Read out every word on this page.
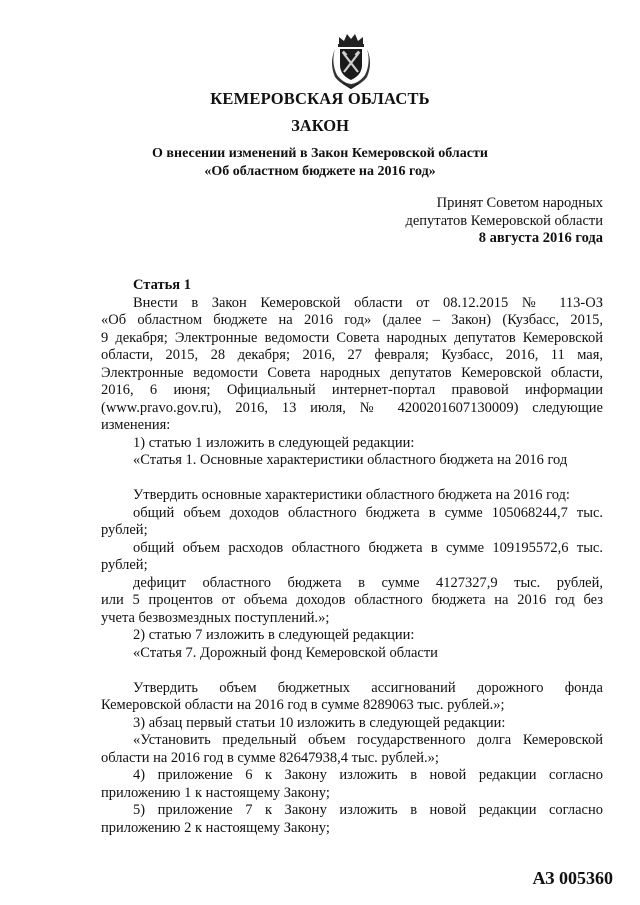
КЕМЕРОВСКАЯ ОБЛАСТЬ
ЗАКОН
О внесении изменений в Закон Кемеровской области
«Об областном бюджете на 2016 год»
Принят Советом народных
депутатов Кемеровской области
8 августа 2016 года
Статья 1
Внести в Закон Кемеровской области от 08.12.2015 № 113-ОЗ
«Об областном бюджете на 2016 год» (далее – Закон) (Кузбасс, 2015,
9 декабря; Электронные ведомости Совета народных депутатов Кемеровской
области, 2015, 28 декабря; 2016, 27 февраля; Кузбасс, 2016, 11 мая,
Электронные ведомости Совета народных депутатов Кемеровской области,
2016, 6 июня; Официальный интернет-портал правовой информации
(www.pravo.gov.ru), 2016, 13 июля, № 4200201607130009) следующие
изменения:
1) статью 1 изложить в следующей редакции:
«Статья 1. Основные характеристики областного бюджета на 2016 год
Утвердить основные характеристики областного бюджета на 2016 год:
общий объем доходов областного бюджета в сумме 105068244,7 тыс.
рублей;
общий объем расходов областного бюджета в сумме 109195572,6 тыс.
рублей;
дефицит областного бюджета в сумме 4127327,9 тыс. рублей,
или 5 процентов от объема доходов областного бюджета на 2016 год без
учета безвозмездных поступлений.»;
2) статью 7 изложить в следующей редакции:
«Статья 7. Дорожный фонд Кемеровской области
Утвердить объем бюджетных ассигнований дорожного фонда
Кемеровской области на 2016 год в сумме 8289063 тыс. рублей.»;
3) абзац первый статьи 10 изложить в следующей редакции:
«Установить предельный объем государственного долга Кемеровской
области на 2016 год в сумме 82647938,4 тыс. рублей.»;
4) приложение 6 к Закону изложить в новой редакции согласно
приложению 1 к настоящему Закону;
5) приложение 7 к Закону изложить в новой редакции согласно
приложению 2 к настоящему Закону;
АЗ 005360
